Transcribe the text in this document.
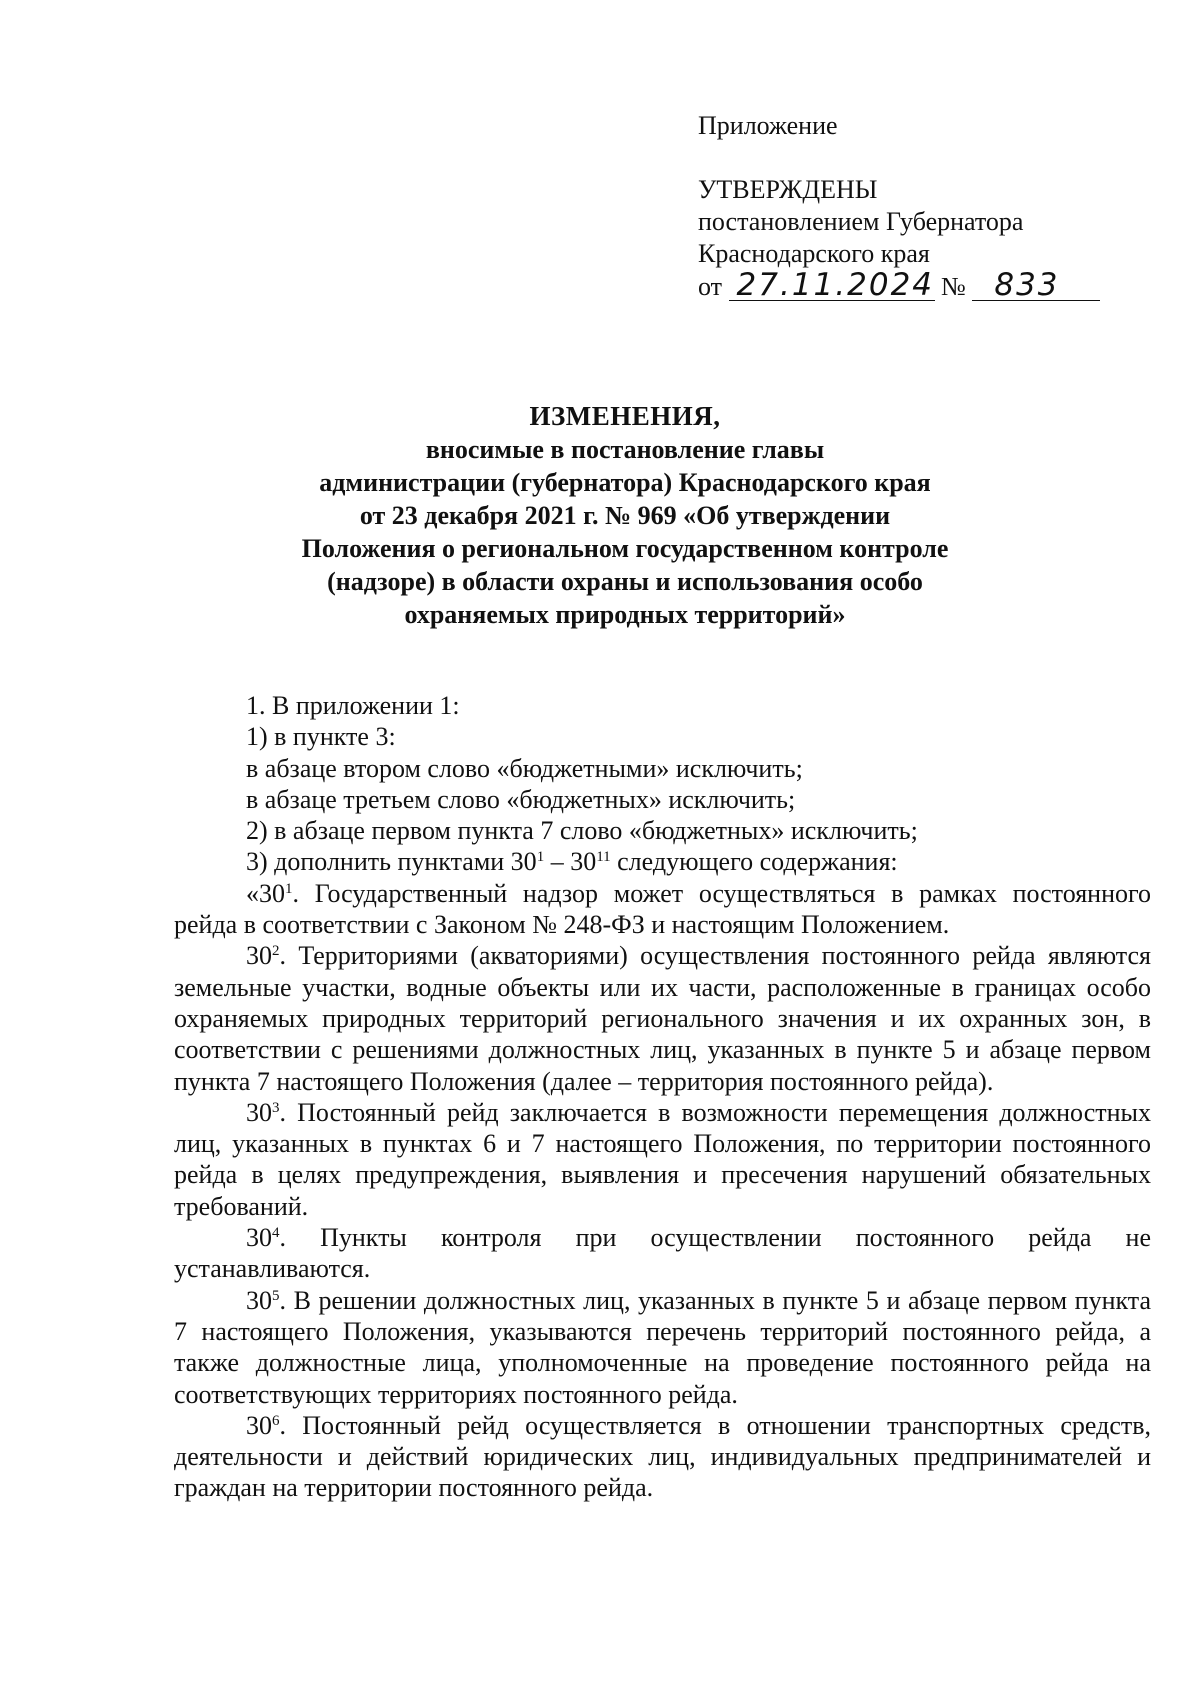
Приложение
УТВЕРЖДЕНЫ
постановлением Губернатора
Краснодарского края
от 27.11.2024 № 833
ИЗМЕНЕНИЯ,
вносимые в постановление главы
администрации (губернатора) Краснодарского края
от 23 декабря 2021 г. № 969 «Об утверждении
Положения о региональном государственном контроле
(надзоре) в области охраны и использования особо
охраняемых природных территорий»
1. В приложении 1:
1) в пункте 3:
в абзаце втором слово «бюджетными» исключить;
в абзаце третьем слово «бюджетных» исключить;
2) в абзаце первом пункта 7 слово «бюджетных» исключить;
3) дополнить пунктами $30^1 - 30^{11}$ следующего содержания:

«$30^1$. Государственный надзор может осуществляться в рамках постоянного рейда в соответствии с Законом № 248-ФЗ и настоящим Положением.

$30^2$. Территориями (акваториями) осуществления постоянного рейда являются земельные участки, водные объекты или их части, расположенные в границах особо охраняемых природных территорий регионального значения и их охранных зон, в соответствии с решениями должностных лиц, указанных в пункте 5 и абзаце первом пункта 7 настоящего Положения (далее – территория постоянного рейда).

$30^3$. Постоянный рейд заключается в возможности перемещения должностных лиц, указанных в пунктах 6 и 7 настоящего Положения, по территории постоянного рейда в целях предупреждения, выявления и пресечения нарушений обязательных требований.

$30^4$. Пункты контроля при осуществлении постоянного рейда не устанавливаются.

$30^5$. В решении должностных лиц, указанных в пункте 5 и абзаце первом пункта 7 настоящего Положения, указываются перечень территорий постоянного рейда, а также должностные лица, уполномоченные на проведение постоянного рейда на соответствующих территориях постоянного рейда.

$30^6$. Постоянный рейд осуществляется в отношении транспортных средств, деятельности и действий юридических лиц, индивидуальных предпринимателей и граждан на территории постоянного рейда.
